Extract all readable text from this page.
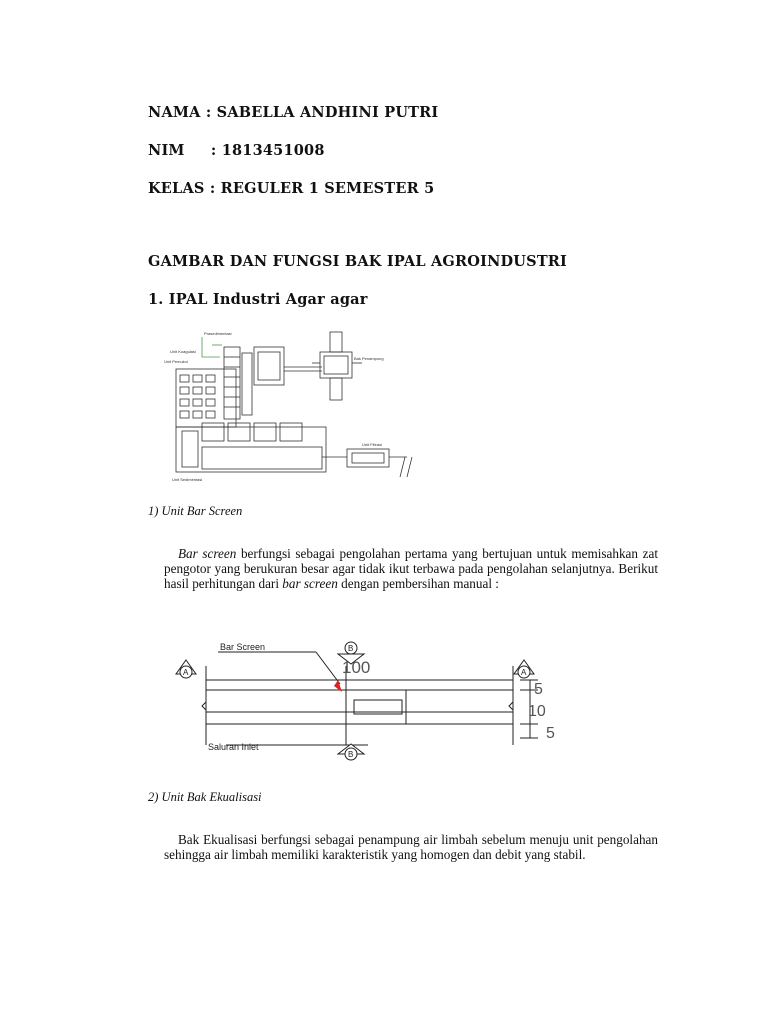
NAMA : SABELLA ANDHINI PUTRI
NIM     : 1813451008
KELAS : REGULER 1 SEMESTER 5
GAMBAR DAN FUNGSI BAK IPAL AGROINDUSTRI
1. IPAL Industri Agar agar
Prasedimentasi
Unit Koagulasi
Unit Pemukul
Unit Sedimentasi
Unit Filtrasi
Bak Penampung
1) Unit Bar Screen
Bar screen berfungsi sebagai pengolahan pertama yang bertujuan untuk memisahkan zat pengotor yang berukuran besar agar tidak ikut terbawa pada pengolahan selanjutnya. Berikut hasil perhitungan dari bar screen dengan pembersihan manual :
A	A
B
B
Bar Screen
Saluran Inlet
100
5
10
5
2) Unit Bak Ekualisasi
Bak Ekualisasi berfungsi sebagai penampung air limbah sebelum menuju unit pengolahan sehingga air limbah memiliki karakteristik yang homogen dan debit yang stabil.
